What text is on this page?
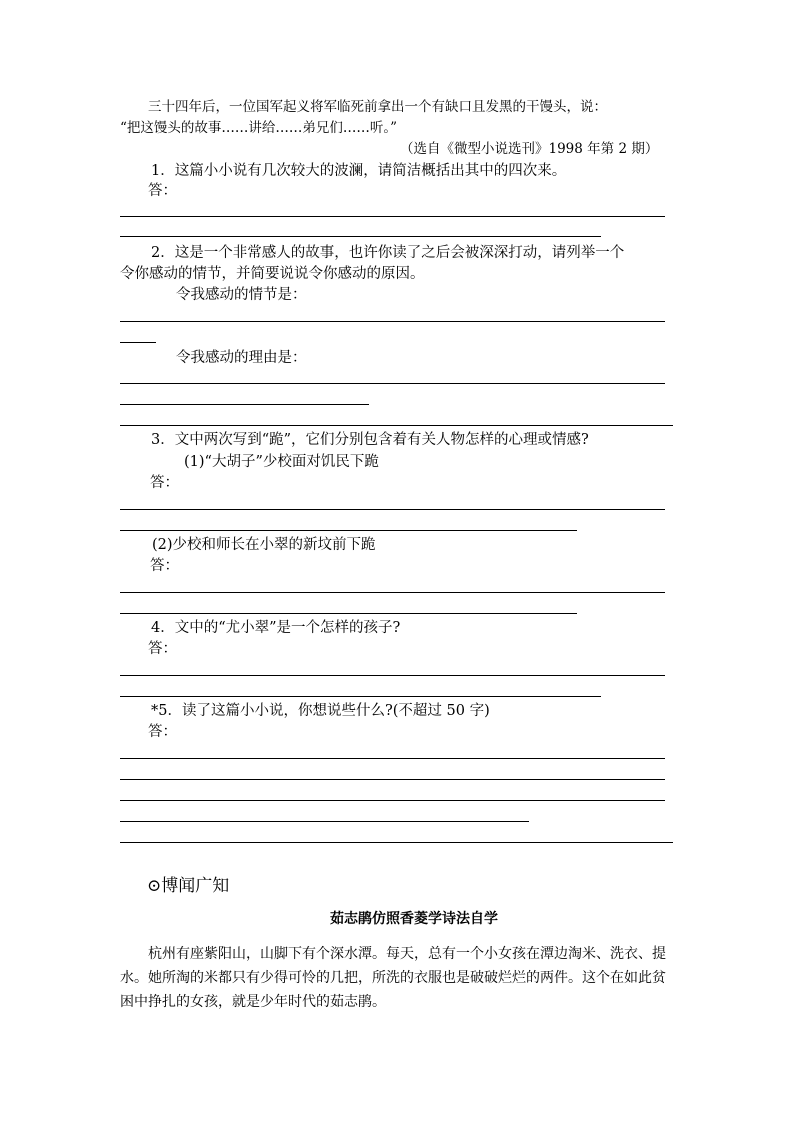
三十四年后，一位国军起义将军临死前拿出一个有缺口且发黑的干馒头，说：
“把这馒头的故事……讲给……弟兄们……听。”
（选自《微型小说选刊》1998 年第 2 期）
1．这篇小小说有几次较大的波澜，请简洁概括出其中的四次来。
答：
2．这是一个非常感人的故事，也许你读了之后会被深深打动，请列举一个
令你感动的情节，并简要说说令你感动的原因。
令我感动的情节是：
令我感动的理由是：
3．文中两次写到“跪”，它们分别包含着有关人物怎样的心理或情感?
(1)“大胡子”少校面对饥民下跪
答：
(2)少校和师长在小翠的新坟前下跪
答：
4．文中的“尤小翠”是一个怎样的孩子?
答：
*5．读了这篇小小说，你想说些什么?(不超过 50 字)
答：
⊙博闻广知
茹志鹃仿照香菱学诗法自学
杭州有座紫阳山，山脚下有个深水潭。每天，总有一个小女孩在潭边淘米、洗衣、提水。她所淘的米都只有少得可怜的几把，所洗的衣服也是破破烂烂的两件。这个在如此贫困中挣扎的女孩，就是少年时代的茹志鹃。
